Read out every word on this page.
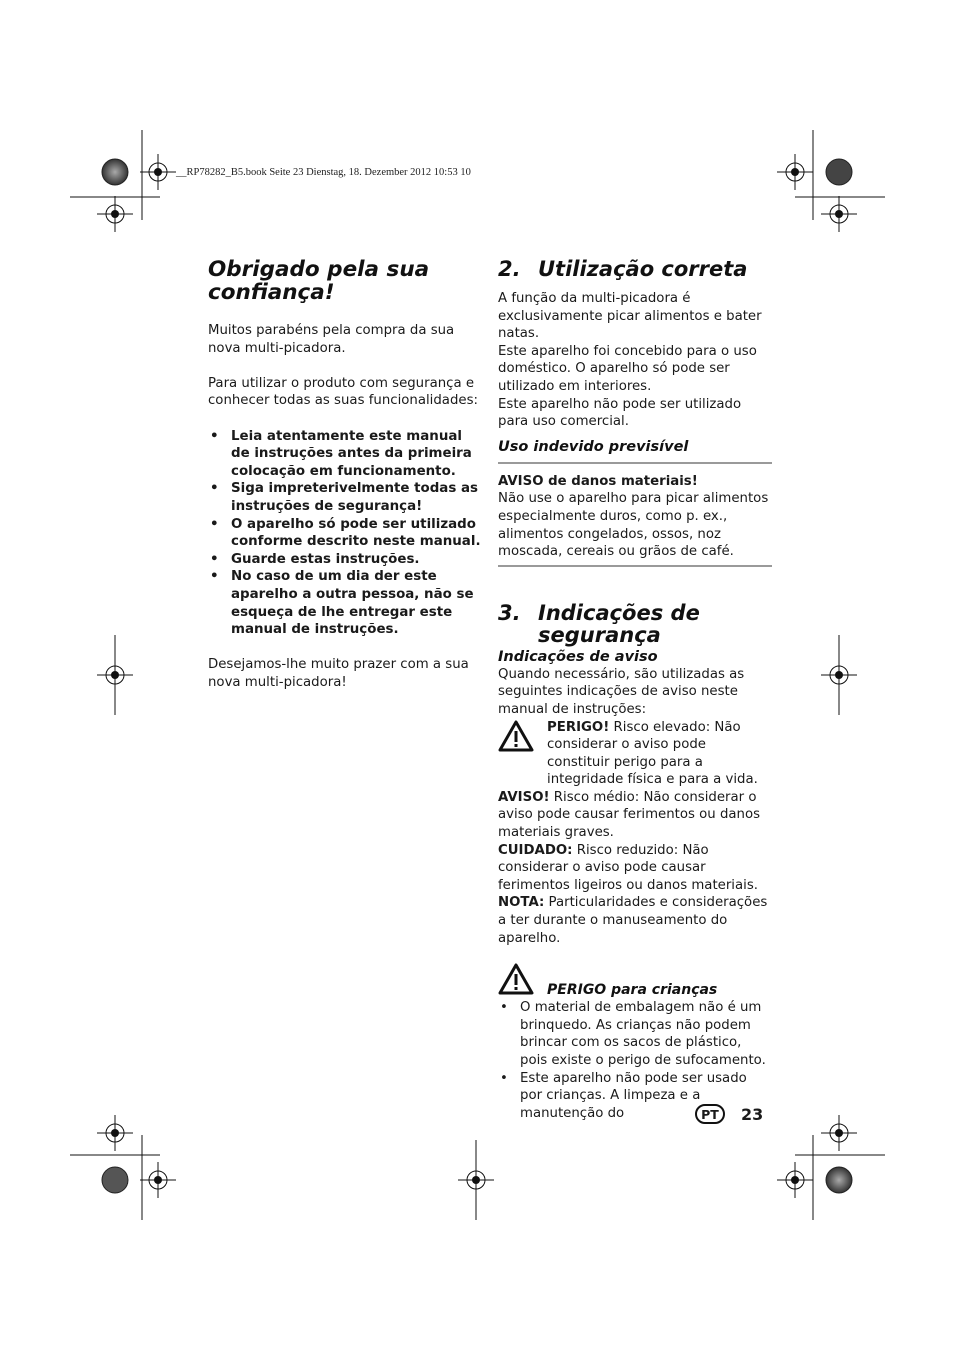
__RP78282_B5.book Seite 23 Dienstag, 18. Dezember 2012 10:53 10
Obrigado pela sua confiança!

Muitos parabéns pela compra da sua nova multi-picadora.

Para utilizar o produto com segurança e conhecer todas as suas funcionalidades:

• Leia atentamente este manual de instruções antes da primeira colocação em funcionamento.
• Siga impreterivelmente todas as instruções de segurança!
• O aparelho só pode ser utilizado conforme descrito neste manual.
• Guarde estas instruções.
• No caso de um dia der este aparelho a outra pessoa, não se esqueça de lhe entregar este manual de instruções.

Desejamos-lhe muito prazer com a sua nova multi-picadora!

2. Utilização correta

A função da multi-picadora é exclusivamente picar alimentos e bater natas.

Este aparelho foi concebido para o uso doméstico. O aparelho só pode ser utilizado em interiores.

Este aparelho não pode ser utilizado para uso comercial.

Uso indevido previsível

AVISO de danos materiais!

Não use o aparelho para picar alimentos especialmente duros, como p. ex., alimentos congelados, ossos, noz moscada, cereais ou grãos de café.

3. Indicações de segurança
Indicações de aviso

Quando necessário, são utilizadas as seguintes indicações de aviso neste manual de instruções:

PERIGO! Risco elevado: Não considerar o aviso pode constituir perigo para a integridade física e para a vida.

AVISO! Risco médio: Não considerar o aviso pode causar ferimentos ou danos materiais graves.

CUIDADO: Risco reduzido: Não considerar o aviso pode causar ferimentos ligeiros ou danos materiais.

NOTA: Particularidades e considerações a ter durante o manuseamento do aparelho.

PERIGO para crianças
• O material de embalagem não é um brinquedo. As crianças não podem brincar com os sacos de plástico, pois existe o perigo de sufocamento.
• Este aparelho não pode ser usado por crianças. A limpeza e a manutenção do	PT	23
